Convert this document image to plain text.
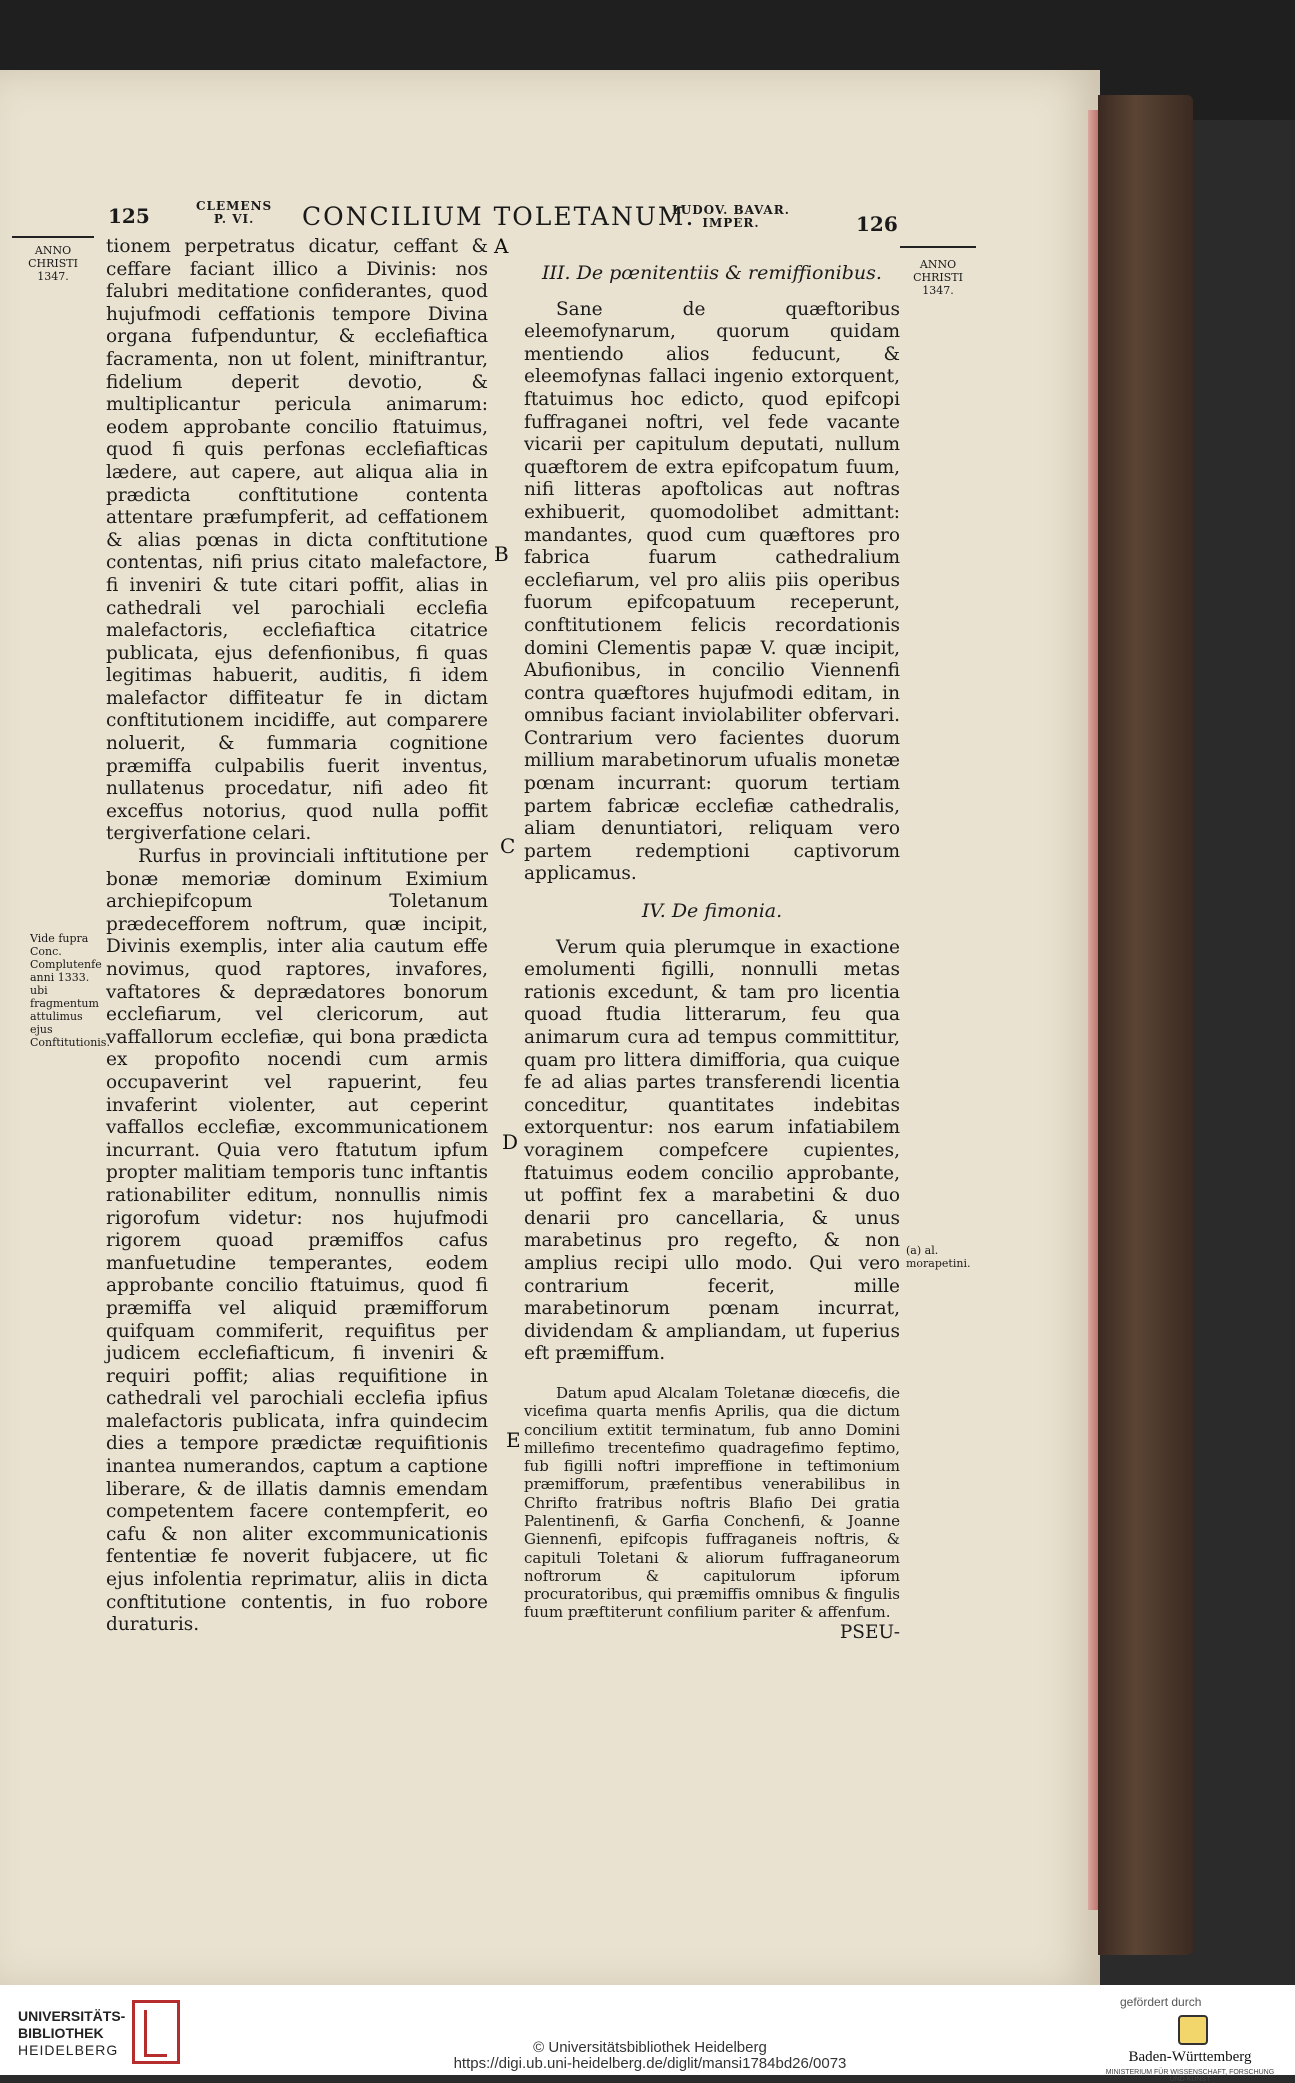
125	CLEMENS
P. VI.	CONCILIUM TOLETANUM.
LUDOV. BAVAR.
IMPER.	126
ANNO
CHRISTI
1347.
Vide fupra Conc. Complutenfe anni 1333. ubi fragmentum attulimus ejus Conftitutionis.
ANNO
CHRISTI
1347.
(a) al. morapetini.
A
B
C
D
E

tionem perpetratus dicatur, ceffant & ceffare faciant illico a Divinis: nos falubri meditatione confiderantes, quod hujufmodi ceffationis tempore Divina organa fufpenduntur, & ecclefiaftica facramenta, non ut folent, miniftrantur, fidelium deperit devotio, & multiplicantur pericula animarum: eodem approbante concilio ftatuimus, quod fi quis perfonas ecclefiafticas lædere, aut capere, aut aliqua alia in prædicta conftitutione contenta attentare præfumpferit, ad ceffationem & alias pœnas in dicta conftitutione contentas, nifi prius citato malefactore, fi inveniri & tute citari poffit, alias in cathedrali vel parochiali ecclefia malefactoris, ecclefiaftica citatrice publicata, ejus defenfionibus, fi quas legitimas habuerit, auditis, fi idem malefactor diffiteatur fe in dictam conftitutionem incidiffe, aut comparere noluerit, & fummaria cognitione præmiffa culpabilis fuerit inventus, nullatenus procedatur, nifi adeo fit exceffus notorius, quod nulla poffit tergiverfatione celari.

Rurfus in provinciali inftitutione per bonæ memoriæ dominum Eximium archiepifcopum Toletanum prædecefforem noftrum, quæ incipit, Divinis exemplis, inter alia cautum effe novimus, quod raptores, invafores, vaftatores & deprædatores bonorum ecclefiarum, vel clericorum, aut vaffallorum ecclefiæ, qui bona prædicta ex propofito nocendi cum armis occupaverint vel rapuerint, feu invaferint violenter, aut ceperint vaffallos ecclefiæ, excommunicationem incurrant. Quia vero ftatutum ipfum propter malitiam temporis tunc inftantis rationabiliter editum, nonnullis nimis rigorofum videtur: nos hujufmodi rigorem quoad præmiffos cafus manfuetudine temperantes, eodem approbante concilio ftatuimus, quod fi præmiffa vel aliquid præmifforum quifquam commiferit, requifitus per judicem ecclefiafticum, fi inveniri & requiri poffit; alias requifitione in cathedrali vel parochiali ecclefia ipfius malefactoris publicata, infra quindecim dies a tempore prædictæ requifitionis inantea numerandos, captum a captione liberare, & de illatis damnis emendam competentem facere contempferit, eo cafu & non aliter excommunicationis fententiæ fe noverit fubjacere, ut fic ejus infolentia reprimatur, aliis in dicta conftitutione contentis, in fuo robore duraturis.

III. De pœnitentiis & remiffionibus.

Sane de quæftoribus eleemofynarum, quorum quidam mentiendo alios feducunt, & eleemofynas fallaci ingenio extorquent, ftatuimus hoc edicto, quod epifcopi fuffraganei noftri, vel fede vacante vicarii per capitulum deputati, nullum quæftorem de extra epifcopatum fuum, nifi litteras apoftolicas aut noftras exhibuerit, quomodolibet admittant: mandantes, quod cum quæftores pro fabrica fuarum cathedralium ecclefiarum, vel pro aliis piis operibus fuorum epifcopatuum receperunt, conftitutionem felicis recordationis domini Clementis papæ V. quæ incipit, Abufionibus, in concilio Viennenfi contra quæftores hujufmodi editam, in omnibus faciant inviolabiliter obfervari. Contrarium vero facientes duorum millium marabetinorum ufualis monetæ pœnam incurrant: quorum tertiam partem fabricæ ecclefiæ cathedralis, aliam denuntiatori, reliquam vero partem redemptioni captivorum applicamus.

IV. De fimonia.

Verum quia plerumque in exactione emolumenti figilli, nonnulli metas rationis excedunt, & tam pro licentia quoad ftudia litterarum, feu qua animarum cura ad tempus committitur, quam pro littera dimifforia, qua cuique fe ad alias partes transferendi licentia conceditur, quantitates indebitas extorquentur: nos earum infatiabilem voraginem compefcere cupientes, ftatuimus eodem concilio approbante, ut poffint fex a marabetini & duo denarii pro cancellaria, & unus marabetinus pro regefto, & non amplius recipi ullo modo. Qui vero contrarium fecerit, mille marabetinorum pœnam incurrat, dividendam & ampliandam, ut fuperius eft præmiffum.

Datum apud Alcalam Toletanæ diœcefis, die vicefima quarta menfis Aprilis, qua die dictum concilium extitit terminatum, fub anno Domini millefimo trecentefimo quadragefimo feptimo, fub figilli noftri impreffione in teftimonium præmifforum, præfentibus venerabilibus in Chrifto fratribus noftris Blafio Dei gratia Palentinenfi, & Garfia Conchenfi, & Joanne Giennenfi, epifcopis fuffraganeis noftris, & capituli Toletani & aliorum fuffraganeorum noftrorum & capitulorum ipforum procuratoribus, qui præmiffis omnibus & fingulis fuum præftiterunt confilium pariter & affenfum.

PSEU-

UNIVERSITÄTS-
BIBLIOTHEK
HEIDELBERG	© Universitätsbibliothek Heidelberg
https://digi.ub.uni-heidelberg.de/diglit/mansi1784bd26/0073
gefördert durch
Baden-Württemberg
MINISTERIUM FÜR WISSENSCHAFT, FORSCHUNG UND KUNST
